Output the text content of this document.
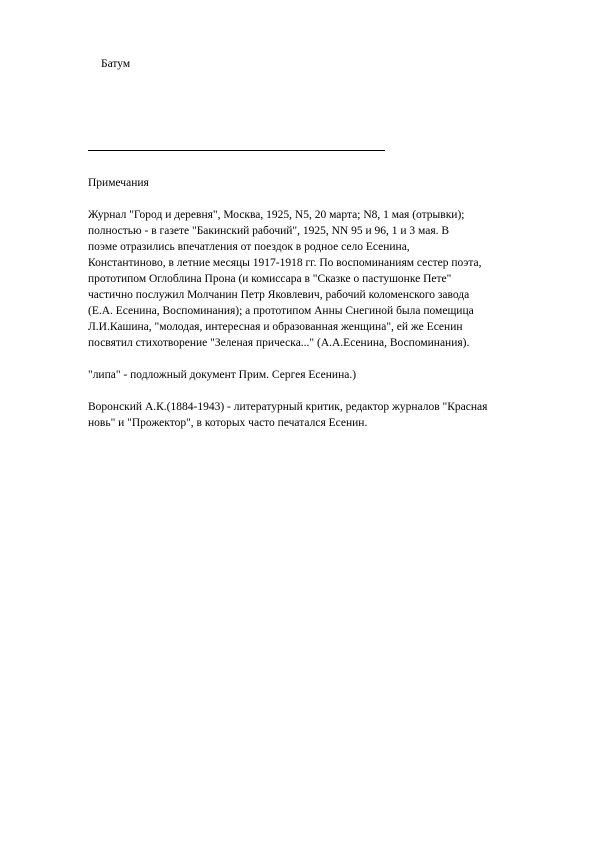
Батум

Примечания

Журнал "Город и деревня", Москва, 1925, N5, 20 марта; N8, 1 мая (отрывки);
полностью - в газете "Бакинский рабочий", 1925, NN 95 и 96, 1 и 3 мая. В
поэме отразились впечатления от поездок в родное село Есенина,
Константиново, в летние месяцы 1917-1918 гг. По воспоминаниям сестер поэта,
прототипом Оглоблина Прона (и комиссара в "Сказке о пастушонке Пете"
частично послужил Молчанин Петр Яковлевич, рабочий коломенского завода
(Е.А. Есенина, Воспоминания); а прототипом Анны Снегиной была помещица
Л.И.Кашина, "молодая, интересная и образованная женщина", ей же Есенин
посвятил стихотворение "Зеленая прическа..." (А.А.Есенина, Воспоминания).

"липа" - подложный документ Прим. Сергея Есенина.)

Воронский А.К.(1884-1943) - литературный критик, редактор журналов "Красная
новь" и "Прожектор", в которых часто печатался Есенин.
